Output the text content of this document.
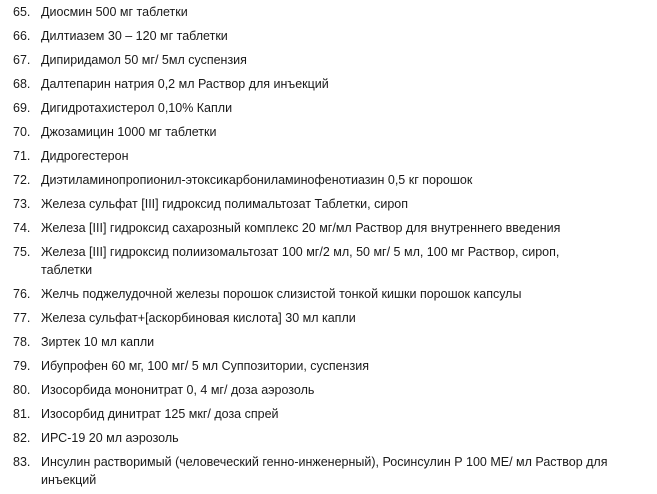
65. Диосмин 500 мг таблетки
66. Дилтиазем 30 – 120 мг таблетки
67. Дипиридамол 50 мг/ 5мл суспензия
68. Далтепарин натрия 0,2 мл Раствор для инъекций
69. Дигидротахистерол 0,10% Капли
70. Джозамицин 1000 мг таблетки
71. Дидрогестерон
72. Диэтиламинопропионил-этоксикарбониламинофенотиазин 0,5 кг порошок
73. Железа сульфат [III] гидроксид полимальтозат Таблетки, сироп
74. Железа [III] гидроксид сахарозный комплекс 20 мг/мл Раствор для внутреннего введения
75. Железа [III] гидроксид полиизомальтозат 100 мг/2 мл, 50 мг/ 5 мл, 100 мг Раствор, сироп, таблетки
76. Желчь поджелудочной железы порошок слизистой тонкой кишки порошок капсулы
77. Железа сульфат+[аскорбиновая кислота] 30 мл капли
78. Зиртек 10 мл капли
79. Ибупрофен 60 мг, 100 мг/ 5 мл Суппозитории, суспензия
80. Изосорбида мононитрат 0, 4 мг/ доза аэрозоль
81. Изосорбид динитрат 125 мкг/ доза спрей
82. ИРС-19 20 мл аэрозоль
83. Инсулин растворимый (человеческий генно-инженерный), Росинсулин Р 100 МЕ/ мл Раствор для инъекций
